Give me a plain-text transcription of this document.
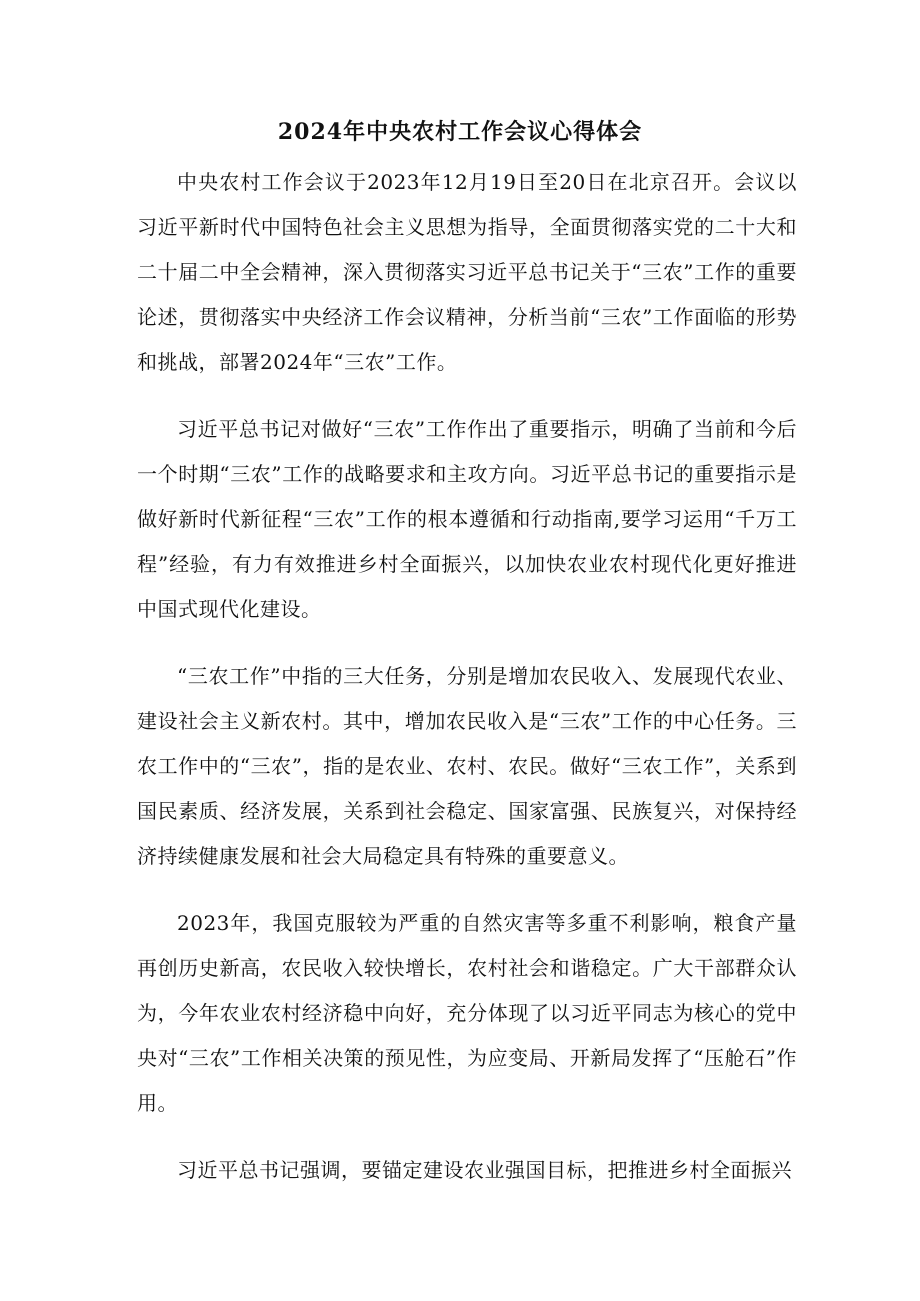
2024年中央农村工作会议心得体会

中央农村工作会议于2023年12月19日至20日在北京召开。会议以习近平新时代中国特色社会主义思想为指导，全面贯彻落实党的二十大和二十届二中全会精神，深入贯彻落实习近平总书记关于“三农”工作的重要论述，贯彻落实中央经济工作会议精神，分析当前“三农”工作面临的形势和挑战，部署2024年“三农”工作。

习近平总书记对做好“三农”工作作出了重要指示，明确了当前和今后一个时期“三农”工作的战略要求和主攻方向。习近平总书记的重要指示是做好新时代新征程“三农”工作的根本遵循和行动指南,要学习运用“千万工程”经验，有力有效推进乡村全面振兴，以加快农业农村现代化更好推进中国式现代化建设。

“三农工作”中指的三大任务，分别是增加农民收入、发展现代农业、建设社会主义新农村。其中，增加农民收入是“三农”工作的中心任务。三农工作中的“三农”，指的是农业、农村、农民。做好“三农工作”，关系到国民素质、经济发展，关系到社会稳定、国家富强、民族复兴，对保持经济持续健康发展和社会大局稳定具有特殊的重要意义。

2023年，我国克服较为严重的自然灾害等多重不利影响，粮食产量再创历史新高，农民收入较快增长，农村社会和谐稳定。广大干部群众认为，今年农业农村经济稳中向好，充分体现了以习近平同志为核心的党中央对“三农”工作相关决策的预见性，为应变局、开新局发挥了“压舱石”作用。

习近平总书记强调，要锚定建设农业强国目标，把推进乡村全面振兴
